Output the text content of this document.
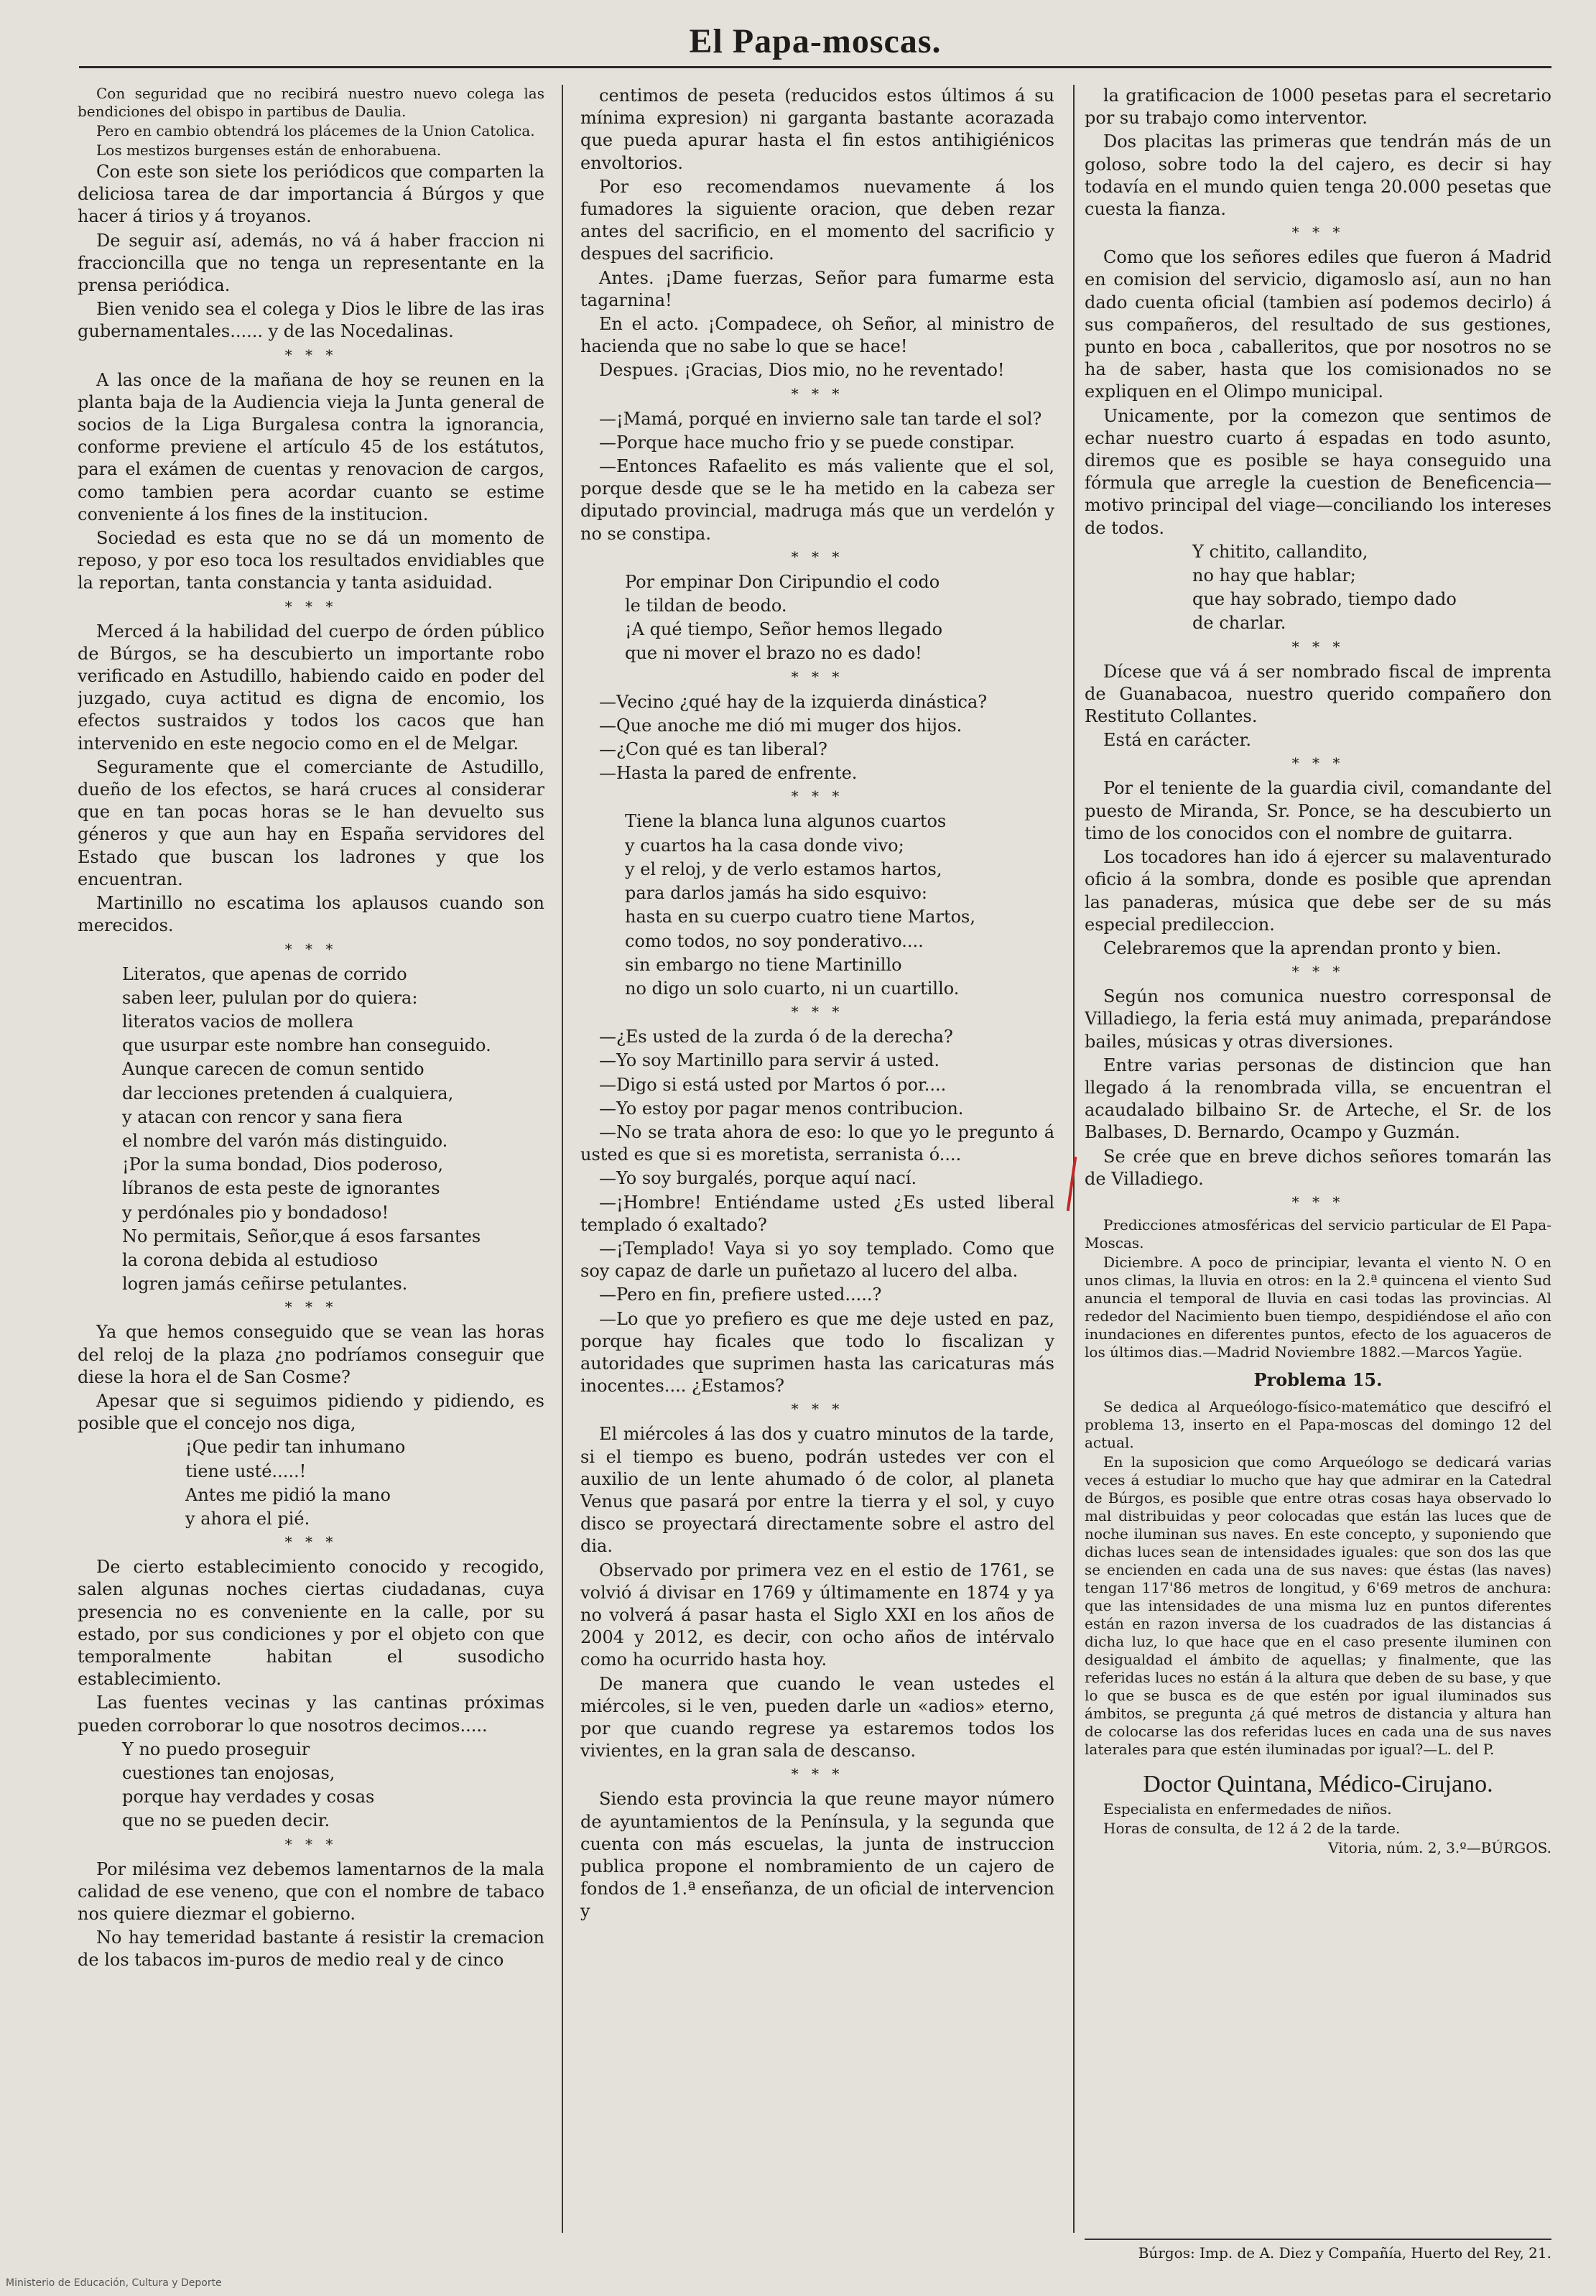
El Papa-moscas.

Con seguridad que no recibirá nuestro nuevo colega las bendiciones del obispo in partibus de Daulia.

Pero en cambio obtendrá los plácemes de la Union Catolica.

Los mestizos burgenses están de enhorabuena.

Con este son siete los periódicos que comparten la deliciosa tarea de dar importancia á Búrgos y que hacer á tirios y á troyanos.

De seguir así, además, no vá á haber fraccion ni fraccioncilla que no tenga un representante en la prensa periódica.

Bien venido sea el colega y Dios le libre de las iras gubernamentales...... y de las Nocedalinas.

* * *

A las once de la mañana de hoy se reunen en la planta baja de la Audiencia vieja la Junta general de socios de la Liga Burgalesa contra la ignorancia, conforme previene el artículo 45 de los estátutos, para el exámen de cuentas y renovacion de cargos, como tambien pera acordar cuanto se estime conveniente á los fines de la institucion.

Sociedad es esta que no se dá un momento de reposo, y por eso toca los resultados envidiables que la reportan, tanta constancia y tanta asiduidad.

* * *

Merced á la habilidad del cuerpo de órden público de Búrgos, se ha descubierto un importante robo verificado en Astudillo, habiendo caido en poder del juzgado, cuya actitud es digna de encomio, los efectos sustraidos y todos los cacos que han intervenido en este negocio como en el de Melgar.

Seguramente que el comerciante de Astudillo, dueño de los efectos, se hará cruces al considerar que en tan pocas horas se le han devuelto sus géneros y que aun hay en España servidores del Estado que buscan los ladrones y que los encuentran.

Martinillo no escatima los aplausos cuando son merecidos.

* * *

Literatos, que apenas de corrido

saben leer, pululan por do quiera:

literatos vacios de mollera

que usurpar este nombre han conseguido.

Aunque carecen de comun sentido

dar lecciones pretenden á cualquiera,

y atacan con rencor y sana fiera

el nombre del varón más distinguido.

¡Por la suma bondad, Dios poderoso,

líbranos de esta peste de ignorantes

y perdónales pio y bondadoso!

No permitais, Señor,que á esos farsantes

la corona debida al estudioso

logren jamás ceñirse petulantes.

* * *

Ya que hemos conseguido que se vean las horas del reloj de la plaza ¿no podríamos conseguir que diese la hora el de San Cosme?

Apesar que si seguimos pidiendo y pidiendo, es posible que el concejo nos diga,

¡Que pedir tan inhumano

tiene usté.....!

Antes me pidió la mano

y ahora el pié.

* * *

De cierto establecimiento conocido y recogido, salen algunas noches ciertas ciudadanas, cuya presencia no es conveniente en la calle, por su estado, por sus condiciones y por el objeto con que temporalmente habitan el susodicho establecimiento.

Las fuentes vecinas y las cantinas próximas pueden corroborar lo que nosotros decimos.....

Y no puedo proseguir

cuestiones tan enojosas,

porque hay verdades y cosas

que no se pueden decir.

* * *

Por milésima vez debemos lamentarnos de la mala calidad de ese veneno, que con el nombre de tabaco nos quiere diezmar el gobierno.

No hay temeridad bastante á resistir la cremacion de los tabacos im-puros de medio real y de cinco

centimos de peseta (reducidos estos últimos á su mínima expresion) ni garganta bastante acorazada que pueda apurar hasta el fin estos antihigiénicos envoltorios.

Por eso recomendamos nuevamente á los fumadores la siguiente oracion, que deben rezar antes del sacrificio, en el momento del sacrificio y despues del sacrificio.

Antes. ¡Dame fuerzas, Señor para fumarme esta tagarnina!

En el acto. ¡Compadece, oh Señor, al ministro de hacienda que no sabe lo que se hace!

Despues. ¡Gracias, Dios mio, no he reventado!

* * *

—¡Mamá, porqué en invierno sale tan tarde el sol?

—Porque hace mucho frio y se puede constipar.

—Entonces Rafaelito es más valiente que el sol, porque desde que se le ha metido en la cabeza ser diputado provincial, madruga más que un verdelón y no se constipa.

* * *

Por empinar Don Ciripundio el codo

le tildan de beodo.

¡A qué tiempo, Señor hemos llegado

que ni mover el brazo no es dado!

* * *

—Vecino ¿qué hay de la izquierda dinástica?

—Que anoche me dió mi muger dos hijos.

—¿Con qué es tan liberal?

—Hasta la pared de enfrente.

* * *

Tiene la blanca luna algunos cuartos

y cuartos ha la casa donde vivo;

y el reloj, y de verlo estamos hartos,

para darlos jamás ha sido esquivo:

hasta en su cuerpo cuatro tiene Martos,

como todos, no soy ponderativo....

sin embargo no tiene Martinillo

no digo un solo cuarto, ni un cuartillo.

* * *

—¿Es usted de la zurda ó de la derecha?

—Yo soy Martinillo para servir á usted.

—Digo si está usted por Martos ó por....

—Yo estoy por pagar menos contribucion.

—No se trata ahora de eso: lo que yo le pregunto á usted es que si es moretista, serranista ó....

—Yo soy burgalés, porque aquí nací.

—¡Hombre! Entiéndame usted ¿Es usted liberal templado ó exaltado?

—¡Templado! Vaya si yo soy templado. Como que soy capaz de darle un puñetazo al lucero del alba.

—Pero en fin, prefiere usted.....?

—Lo que yo prefiero es que me deje usted en paz, porque hay ficales que todo lo fiscalizan y autoridades que suprimen hasta las caricaturas más inocentes.... ¿Estamos?

* * *

El miércoles á las dos y cuatro minutos de la tarde, si el tiempo es bueno, podrán ustedes ver con el auxilio de un lente ahumado ó de color, al planeta Venus que pasará por entre la tierra y el sol, y cuyo disco se proyectará directamente sobre el astro del dia.

Observado por primera vez en el estio de 1761, se volvió á divisar en 1769 y últimamente en 1874 y ya no volverá á pasar hasta el Siglo XXI en los años de 2004 y 2012, es decir, con ocho años de intérvalo como ha ocurrido hasta hoy.

De manera que cuando le vean ustedes el miércoles, si le ven, pueden darle un «adios» eterno, por que cuando regrese ya estaremos todos los vivientes, en la gran sala de descanso.

* * *

Siendo esta provincia la que reune mayor número de ayuntamientos de la Península, y la segunda que cuenta con más escuelas, la junta de instruccion publica propone el nombramiento de un cajero de fondos de 1.ª enseñanza, de un oficial de intervencion y

la gratificacion de 1000 pesetas para el secretario por su trabajo como interventor.

Dos placitas las primeras que tendrán más de un goloso, sobre todo la del cajero, es decir si hay todavía en el mundo quien tenga 20.000 pesetas que cuesta la fianza.

* * *

Como que los señores ediles que fueron á Madrid en comision del servicio, digamoslo así, aun no han dado cuenta oficial (tambien así podemos decirlo) á sus compañeros, del resultado de sus gestiones, punto en boca , caballeritos, que por nosotros no se ha de saber, hasta que los comisionados no se expliquen en el Olimpo municipal.

Unicamente, por la comezon que sentimos de echar nuestro cuarto á espadas en todo asunto, diremos que es posible se haya conseguido una fórmula que arregle la cuestion de Beneficencia—motivo principal del viage—conciliando los intereses de todos.

Y chitito, callandito,

no hay que hablar;

que hay sobrado, tiempo dado

de charlar.

* * *

Dícese que vá á ser nombrado fiscal de imprenta de Guanabacoa, nuestro querido compañero don Restituto Collantes.

Está en carácter.

* * *

Por el teniente de la guardia civil, comandante del puesto de Miranda, Sr. Ponce, se ha descubierto un timo de los conocidos con el nombre de guitarra.

Los tocadores han ido á ejercer su malaventurado oficio á la sombra, donde es posible que aprendan las panaderas, música que debe ser de su más especial predileccion.

Celebraremos que la aprendan pronto y bien.

* * *

Según nos comunica nuestro corresponsal de Villadiego, la feria está muy animada, preparándose bailes, músicas y otras diversiones.

Entre varias personas de distincion que han llegado á la renombrada villa, se encuentran el acaudalado bilbaino Sr. de Arteche, el Sr. de los Balbases, D. Bernardo, Ocampo y Guzmán.

Se crée que en breve dichos señores tomarán las de Villadiego.

* * *

Predicciones atmosféricas del servicio particular de El Papa-Moscas.

Diciembre. A poco de principiar, levanta el viento N. O en unos climas, la lluvia en otros: en la 2.ª quincena el viento Sud anuncia el temporal de lluvia en casi todas las provincias. Al rededor del Nacimiento buen tiempo, despidiéndose el año con inundaciones en diferentes puntos, efecto de los aguaceros de los últimos dias.—Madrid Noviembre 1882.—Marcos Yagüe.

Problema 15.

Se dedica al Arqueólogo-físico-matemático que descifró el problema 13, inserto en el Papa-moscas del domingo 12 del actual.

En la suposicion que como Arqueólogo se dedicará varias veces á estudiar lo mucho que hay que admirar en la Catedral de Búrgos, es posible que entre otras cosas haya observado lo mal distribuidas y peor colocadas que están las luces que de noche iluminan sus naves. En este concepto, y suponiendo que dichas luces sean de intensidades iguales: que son dos las que se encienden en cada una de sus naves: que éstas (las naves) tengan 117'86 metros de longitud, y 6'69 metros de anchura: que las intensidades de una misma luz en puntos diferentes están en razon inversa de los cuadrados de las distancias á dicha luz, lo que hace que en el caso presente iluminen con desigualdad el ámbito de aquellas; y finalmente, que las referidas luces no están á la altura que deben de su base, y que lo que se busca es de que estén por igual iluminados sus ámbitos, se pregunta ¿á qué metros de distancia y altura han de colocarse las dos referidas luces en cada una de sus naves laterales para que estén iluminadas por igual?—L. del P.

Doctor Quintana, Médico-Cirujano.

Especialista en enfermedades de niños.

Horas de consulta, de 12 á 2 de la tarde.

Vitoria, núm. 2, 3.º—BÚRGOS.

Búrgos: Imp. de A. Diez y Compañía, Huerto del Rey, 21.
Ministerio de Educación, Cultura y Deporte
